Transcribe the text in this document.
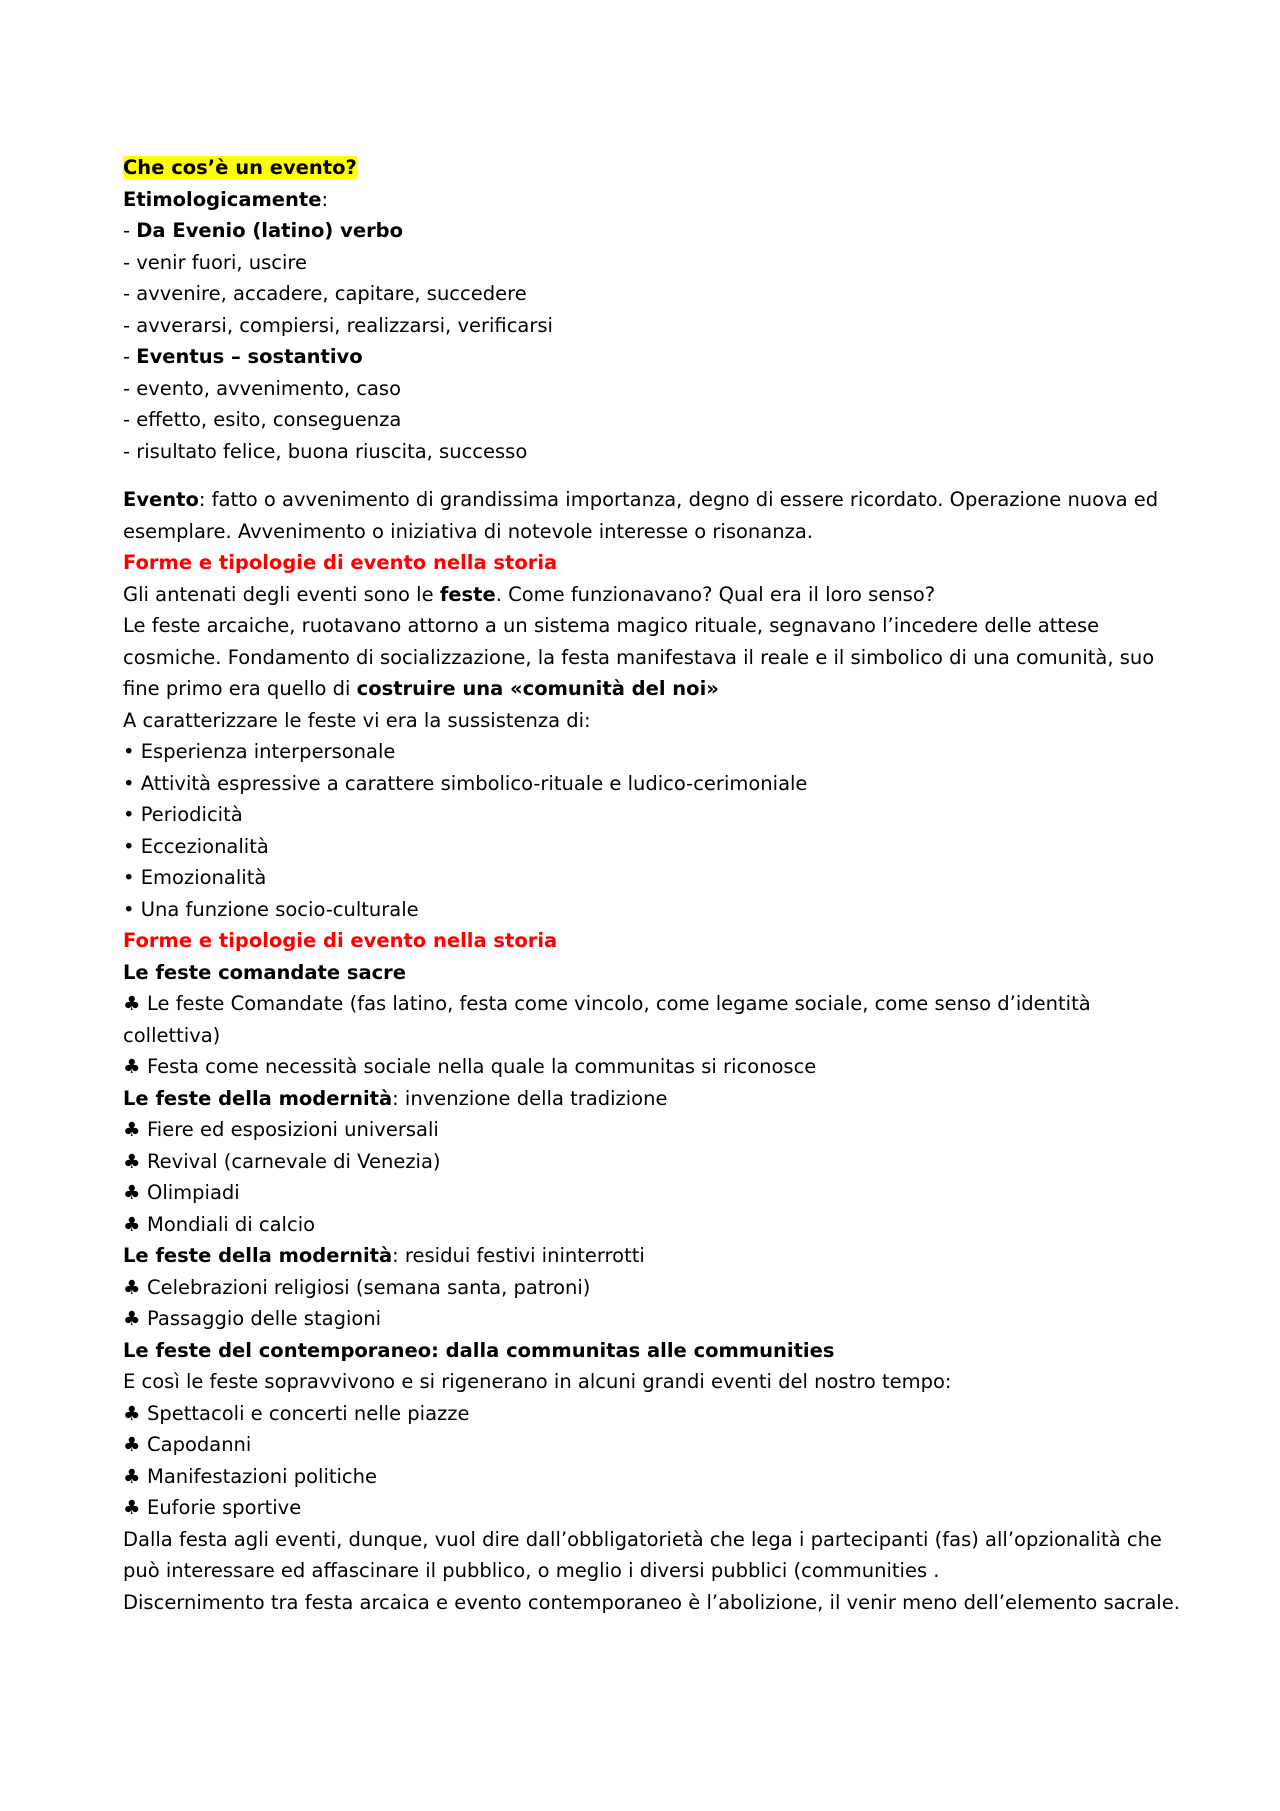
Che cos’è un evento?
Etimologicamente:
- Da Evenio (latino) verbo
- venir fuori, uscire
- avvenire, accadere, capitare, succedere
- avverarsi, compiersi, realizzarsi, verificarsi
- Eventus – sostantivo
- evento, avvenimento, caso
- effetto, esito, conseguenza
- risultato felice, buona riuscita, successo
Evento: fatto o avvenimento di grandissima importanza, degno di essere ricordato. Operazione nuova ed
esemplare. Avvenimento o iniziativa di notevole interesse o risonanza.
Forme e tipologie di evento nella storia
Gli antenati degli eventi sono le feste. Come funzionavano? Qual era il loro senso?
Le feste arcaiche, ruotavano attorno a un sistema magico rituale, segnavano l’incedere delle attese
cosmiche. Fondamento di socializzazione, la festa manifestava il reale e il simbolico di una comunità, suo
fine primo era quello di costruire una «comunità del noi»
A caratterizzare le feste vi era la sussistenza di:
• Esperienza interpersonale
• Attività espressive a carattere simbolico-rituale e ludico-cerimoniale
• Periodicità
• Eccezionalità
• Emozionalità
• Una funzione socio-culturale
Forme e tipologie di evento nella storia
Le feste comandate sacre
♣ Le feste Comandate (fas latino, festa come vincolo, come legame sociale, come senso d’identità
collettiva)
♣ Festa come necessità sociale nella quale la communitas si riconosce
Le feste della modernità: invenzione della tradizione
♣ Fiere ed esposizioni universali
♣ Revival (carnevale di Venezia)
♣ Olimpiadi
♣ Mondiali di calcio
Le feste della modernità: residui festivi ininterrotti
♣ Celebrazioni religiosi (semana santa, patroni)
♣ Passaggio delle stagioni
Le feste del contemporaneo: dalla communitas alle communities
E così le feste sopravvivono e si rigenerano in alcuni grandi eventi del nostro tempo:
♣ Spettacoli e concerti nelle piazze
♣ Capodanni
♣ Manifestazioni politiche
♣ Euforie sportive
Dalla festa agli eventi, dunque, vuol dire dall’obbligatorietà che lega i partecipanti (fas) all’opzionalità che
può interessare ed affascinare il pubblico, o meglio i diversi pubblici (communities .
Discernimento tra festa arcaica e evento contemporaneo è l’abolizione, il venir meno dell’elemento sacrale.
